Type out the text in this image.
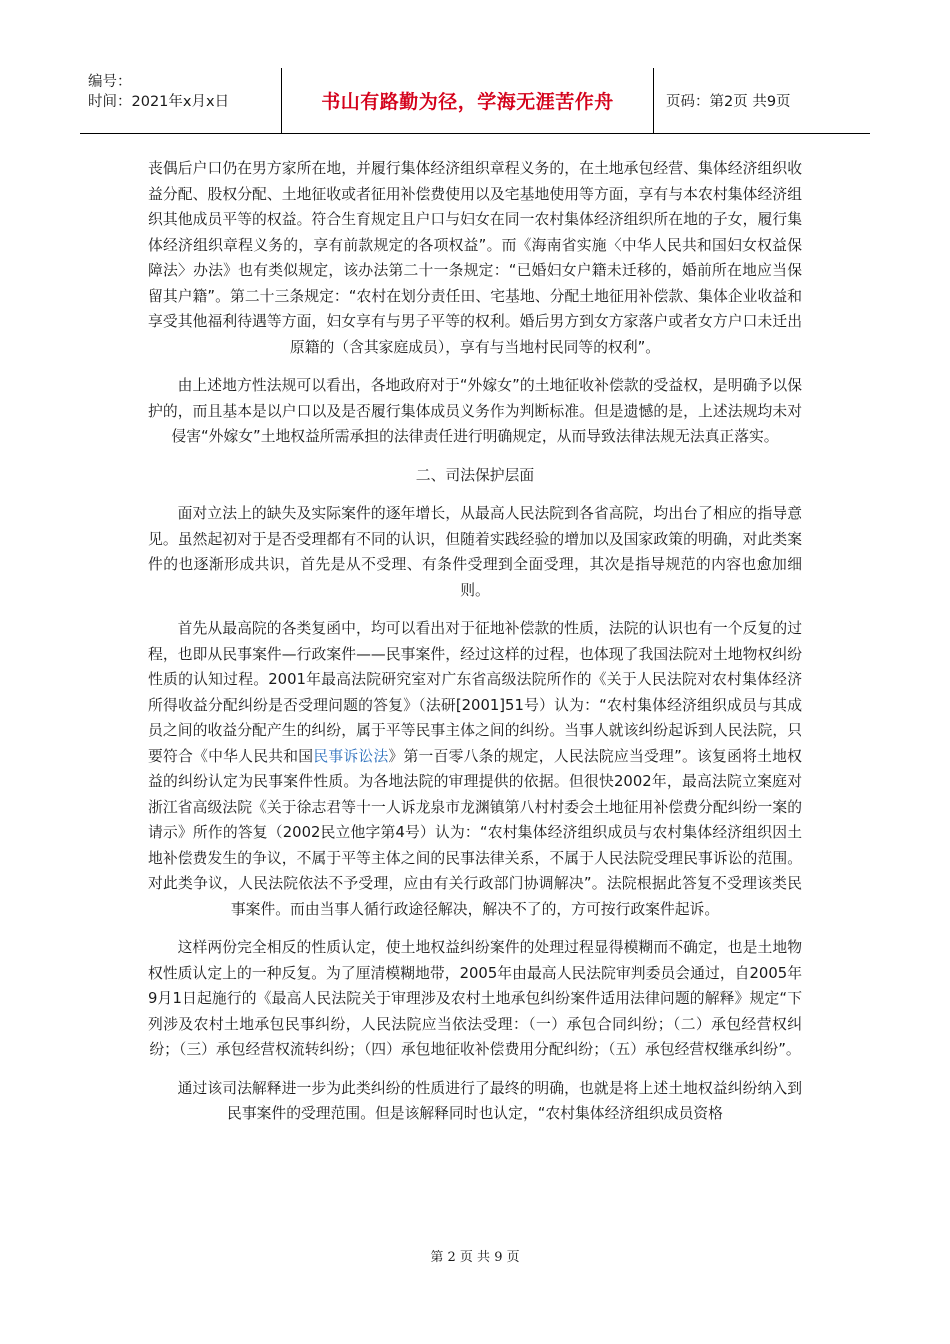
编号：
时间：2021年x月x日	书山有路勤为径，学海无涯苦作舟	页码：第2页 共9页

丧偶后户口仍在男方家所在地，并履行集体经济组织章程义务的，在土地承包经营、集体经济组织收益分配、股权分配、土地征收或者征用补偿费使用以及宅基地使用等方面，享有与本农村集体经济组织其他成员平等的权益。符合生育规定且户口与妇女在同一农村集体经济组织所在地的子女，履行集体经济组织章程义务的，享有前款规定的各项权益”。而《海南省实施〈中华人民共和国妇女权益保障法〉办法》也有类似规定，该办法第二十一条规定：“已婚妇女户籍未迁移的，婚前所在地应当保留其户籍”。第二十三条规定：“农村在划分责任田、宅基地、分配土地征用补偿款、集体企业收益和享受其他福利待遇等方面，妇女享有与男子平等的权利。婚后男方到女方家落户或者女方户口未迁出原籍的（含其家庭成员），享有与当地村民同等的权利”。

由上述地方性法规可以看出，各地政府对于“外嫁女”的土地征收补偿款的受益权，是明确予以保护的，而且基本是以户口以及是否履行集体成员义务作为判断标准。但是遗憾的是，上述法规均未对侵害“外嫁女”土地权益所需承担的法律责任进行明确规定，从而导致法律法规无法真正落实。

二、司法保护层面

面对立法上的缺失及实际案件的逐年增长，从最高人民法院到各省高院，均出台了相应的指导意见。虽然起初对于是否受理都有不同的认识，但随着实践经验的增加以及国家政策的明确，对此类案件的也逐渐形成共识，首先是从不受理、有条件受理到全面受理，其次是指导规范的内容也愈加细则。

首先从最高院的各类复函中，均可以看出对于征地补偿款的性质，法院的认识也有一个反复的过程，也即从民事案件—行政案件——民事案件，经过这样的过程，也体现了我国法院对土地物权纠纷性质的认知过程。2001年最高法院研究室对广东省高级法院所作的《关于人民法院对农村集体经济所得收益分配纠纷是否受理问题的答复》（法研[2001]51号）认为：“农村集体经济组织成员与其成员之间的收益分配产生的纠纷，属于平等民事主体之间的纠纷。当事人就该纠纷起诉到人民法院，只要符合《中华人民共和国民事诉讼法》第一百零八条的规定，人民法院应当受理”。该复函将土地权益的纠纷认定为民事案件性质。为各地法院的审理提供的依据。但很快2002年，最高法院立案庭对浙江省高级法院《关于徐志君等十一人诉龙泉市龙渊镇第八村村委会土地征用补偿费分配纠纷一案的请示》所作的答复（2002民立他字第4号）认为：“农村集体经济组织成员与农村集体经济组织因土地补偿费发生的争议，不属于平等主体之间的民事法律关系，不属于人民法院受理民事诉讼的范围。对此类争议，人民法院依法不予受理，应由有关行政部门协调解决”。法院根据此答复不受理该类民事案件。而由当事人循行政途径解决，解决不了的，方可按行政案件起诉。

这样两份完全相反的性质认定，使土地权益纠纷案件的处理过程显得模糊而不确定，也是土地物权性质认定上的一种反复。为了厘清模糊地带，2005年由最高人民法院审判委员会通过，自2005年9月1日起施行的《最高人民法院关于审理涉及农村土地承包纠纷案件适用法律问题的解释》规定“下列涉及农村土地承包民事纠纷，人民法院应当依法受理：（一）承包合同纠纷；（二）承包经营权纠纷；（三）承包经营权流转纠纷；（四）承包地征收补偿费用分配纠纷；（五）承包经营权继承纠纷”。

通过该司法解释进一步为此类纠纷的性质进行了最终的明确，也就是将上述土地权益纠纷纳入到民事案件的受理范围。但是该解释同时也认定，“农村集体经济组织成员资格

第 2 页 共 9 页
